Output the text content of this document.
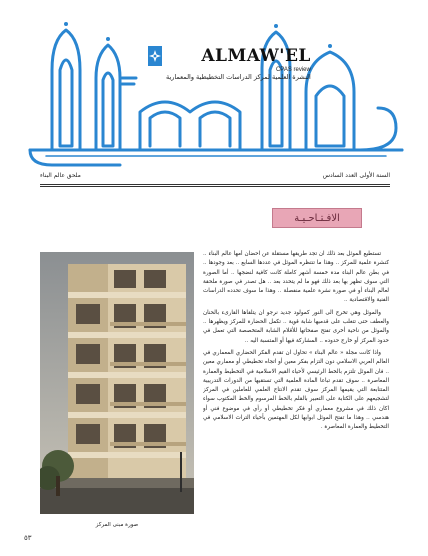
ALMAW'EL
CPAS review
النشرة العلمية لمركز الدراسات التخطيطية والمعمارية
السنة الأولى العدد السادس
ملحق عالم البناء
الافـتـاحـيـة
صورة مبنى المركز

تستطيع الموئل بعد ذلك ان تجد طريقها مستقلة عن احضان أمها عالم البناء .. كنشرة علمية للمركز .. وهذا ما تنتظره الموئل في عددها السابع .. بعد وجودها .. في بطن عالم البناء مدة خمسة أشهر كاملة كانت كافية لنضجها .. أما الصورة التي سوف تظهر بها بعد ذلك فهو ما لم يتحدد بعد .. هل تصدر في صورة ملحقة لعالم البناء أو في صورة نشرة علمية منفصلة .. وهذا ما سوف تحدده الدراسات الفنية والاقتصادية ..

والموئل وهي تخرج الى النور كمولود جديد نرجو ان يتلقاها القارىء بالحنان والعطف حتى تتغلب على قدميها شابة قوية .. تكمل الحضارة للمركز ويظهرها .. والموئل من ناحية أخرى تفتح صفحاتها للأقلام الشابة المتخصصة التي تعمل في حدود المركز أو خارج حدوده .. المشاركة فيها أو المتسبة اليه ..

واذا كانت مجلة « عالم البناء » تحاول ان تقدم الفكر الحضاري المعماري في العالم العربي الاسلامي دون التزام بفكر معين أو اتجاه تخطيطي أو معماري معين .. فان الموئل تلتزم بالخط الرئيسي لأحياء القيم الاسلامية في التخطيط والعمارة المعاصرة .. سوف تقدم تباعا المادة العلمية التي تستقيها من الدورات التدريبية المتتابعة التي يقيمها المركز سوف تقدم الانتاج العلمي للعاملين في المركز لتشجيعهم على الكتابة على التعبير بالقلم بالخط المرسوم والخط المكتوب سواء اكان ذلك في مشروع معماري أو فكر تخطيطي أو رأي في موضوع فني أو هندسي .. وهذا ما تفتح الموئل ابوابها لكل المهتمين بأحياء التراث الاسلامي في التخطيط والعمارة المعاصرة .

٥٣
